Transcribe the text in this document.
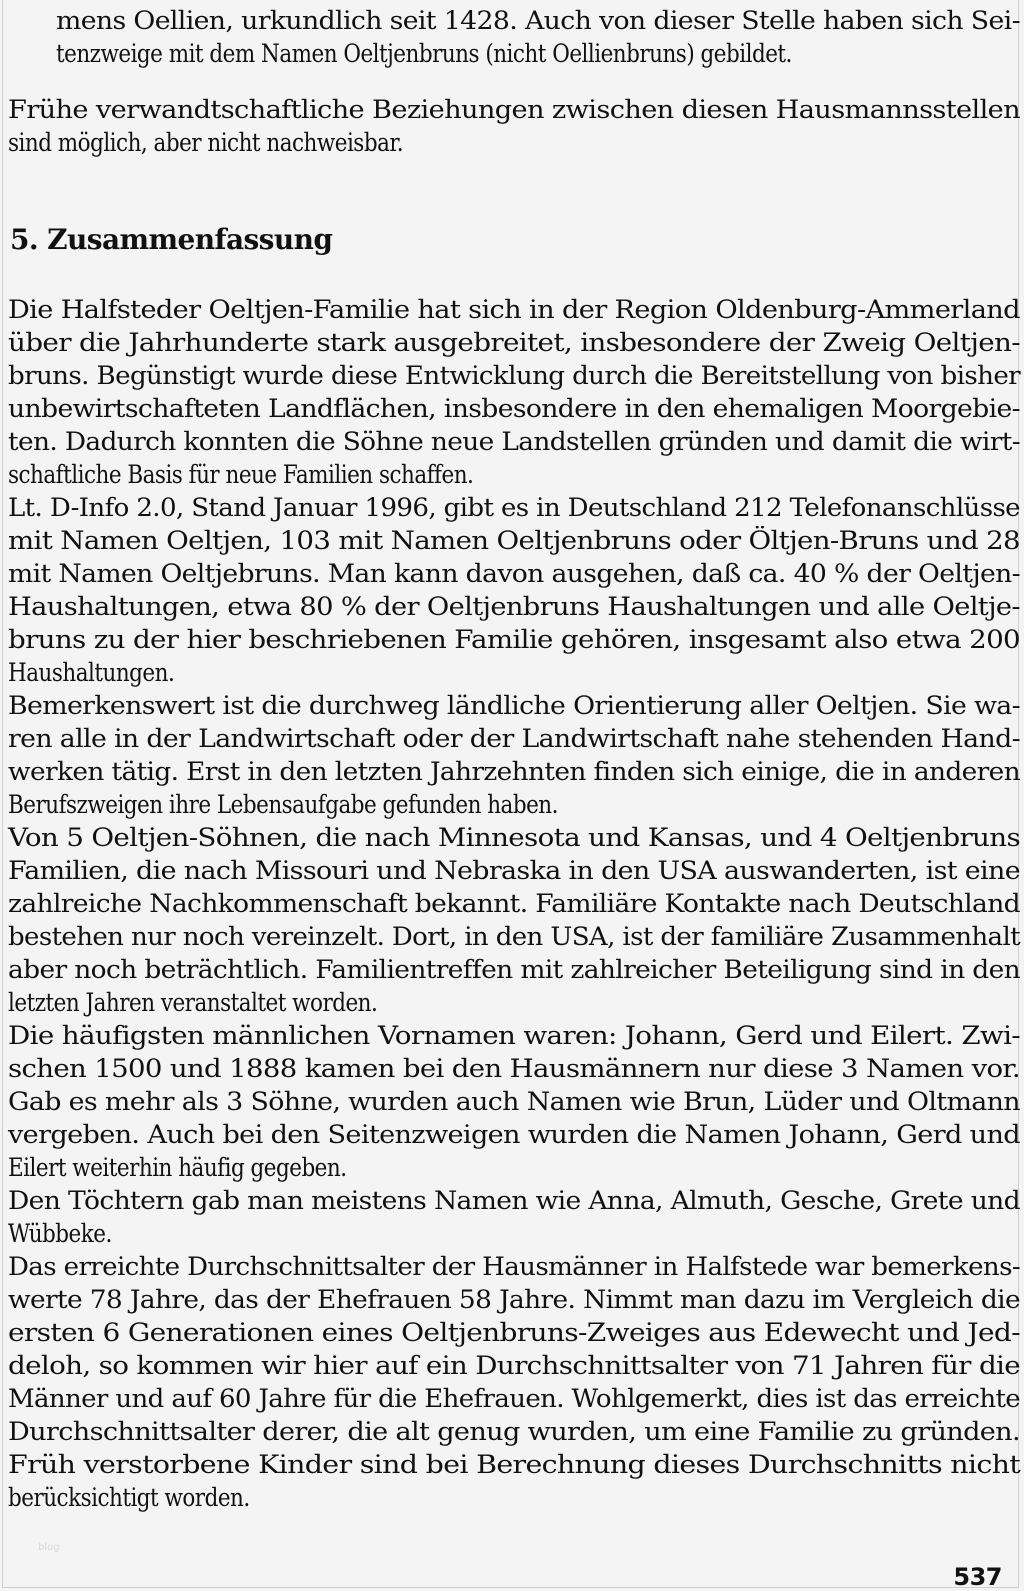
mens Oellien, urkundlich seit 1428. Auch von dieser Stelle haben sich Sei-
tenzweige mit dem Namen Oeltjenbruns (nicht Oellienbruns) gebildet.
Frühe verwandtschaftliche Beziehungen zwischen diesen Hausmannsstellen
sind möglich, aber nicht nachweisbar.
5. Zusammenfassung
Die Halfsteder Oeltjen-Familie hat sich in der Region Oldenburg-Ammerland
über die Jahrhunderte stark ausgebreitet, insbesondere der Zweig Oeltjen-
bruns. Begünstigt wurde diese Entwicklung durch die Bereitstellung von bisher
unbewirtschafteten Landflächen, insbesondere in den ehemaligen Moorgebie-
ten. Dadurch konnten die Söhne neue Landstellen gründen und damit die wirt-
schaftliche Basis für neue Familien schaffen.
Lt. D-Info 2.0, Stand Januar 1996, gibt es in Deutschland 212 Telefonanschlüsse
mit Namen Oeltjen, 103 mit Namen Oeltjenbruns oder Öltjen-Bruns und 28
mit Namen Oeltjebruns. Man kann davon ausgehen, daß ca. 40 % der Oeltjen-
Haushaltungen, etwa 80 % der Oeltjenbruns Haushaltungen und alle Oeltje-
bruns zu der hier beschriebenen Familie gehören, insgesamt also etwa 200
Haushaltungen.
Bemerkenswert ist die durchweg ländliche Orientierung aller Oeltjen. Sie wa-
ren alle in der Landwirtschaft oder der Landwirtschaft nahe stehenden Hand-
werken tätig. Erst in den letzten Jahrzehnten finden sich einige, die in anderen
Berufszweigen ihre Lebensaufgabe gefunden haben.
Von 5 Oeltjen-Söhnen, die nach Minnesota und Kansas, und 4 Oeltjenbruns
Familien, die nach Missouri und Nebraska in den USA auswanderten, ist eine
zahlreiche Nachkommenschaft bekannt. Familiäre Kontakte nach Deutschland
bestehen nur noch vereinzelt. Dort, in den USA, ist der familiäre Zusammenhalt
aber noch beträchtlich. Familientreffen mit zahlreicher Beteiligung sind in den
letzten Jahren veranstaltet worden.
Die häufigsten männlichen Vornamen waren: Johann, Gerd und Eilert. Zwi-
schen 1500 und 1888 kamen bei den Hausmännern nur diese 3 Namen vor.
Gab es mehr als 3 Söhne, wurden auch Namen wie Brun, Lüder und Oltmann
vergeben. Auch bei den Seitenzweigen wurden die Namen Johann, Gerd und
Eilert weiterhin häufig gegeben.
Den Töchtern gab man meistens Namen wie Anna, Almuth, Gesche, Grete und
Wübbeke.
Das erreichte Durchschnittsalter der Hausmänner in Halfstede war bemerkens-
werte 78 Jahre, das der Ehefrauen 58 Jahre. Nimmt man dazu im Vergleich die
ersten 6 Generationen eines Oeltjenbruns-Zweiges aus Edewecht und Jed-
deloh, so kommen wir hier auf ein Durchschnittsalter von 71 Jahren für die
Männer und auf 60 Jahre für die Ehefrauen. Wohlgemerkt, dies ist das erreichte
Durchschnittsalter derer, die alt genug wurden, um eine Familie zu gründen.
Früh verstorbene Kinder sind bei Berechnung dieses Durchschnitts nicht
berücksichtigt worden.
blog
537
